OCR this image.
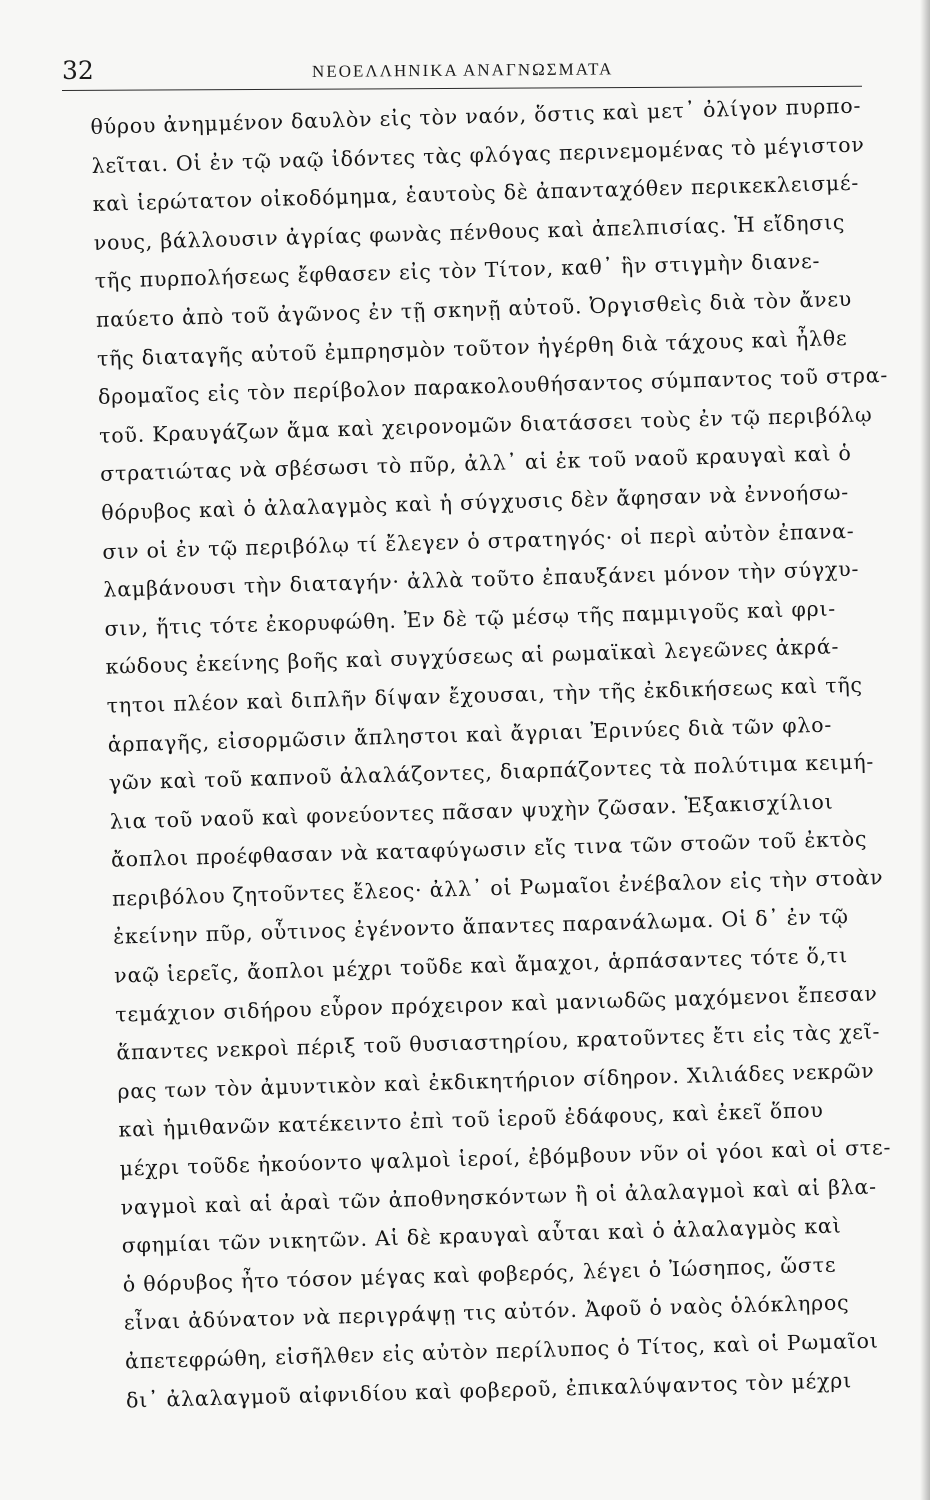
32	ΝΕΟΕΛΛΗΝΙΚΑ ΑΝΑΓΝΩΣΜΑΤΑ
θύρου ἀνημμένον δαυλὸν εἰς τὸν ναόν, ὅστις καὶ μετ᾿ ὀλίγον πυρπο-
λεῖται. Οἱ ἐν τῷ ναῷ ἰδόντες τὰς φλόγας περινεμομένας τὸ μέγιστον
καὶ ἱερώτατον οἰκοδόμημα, ἑαυτοὺς δὲ ἀπανταχόθεν περικεκλεισμέ-
νους, βάλλουσιν ἀγρίας φωνὰς πένθους καὶ ἀπελπισίας. Ἡ εἴδησις
τῆς πυρπολήσεως ἔφθασεν εἰς τὸν Τίτον, καθ᾿ ἣν στιγμὴν διανε-
παύετο ἀπὸ τοῦ ἀγῶνος ἐν τῇ σκηνῇ αὐτοῦ. Ὀργισθεὶς διὰ τὸν ἄνευ
τῆς διαταγῆς αὐτοῦ ἐμπρησμὸν τοῦτον ἠγέρθη διὰ τάχους καὶ ἦλθε
δρομαῖος εἰς τὸν περίβολον παρακολουθήσαντος σύμπαντος τοῦ στρα-
τοῦ. Κραυγάζων ἅμα καὶ χειρονομῶν διατάσσει τοὺς ἐν τῷ περιβόλῳ
στρατιώτας νὰ σβέσωσι τὸ πῦρ, ἀλλ᾿ αἱ ἐκ τοῦ ναοῦ κραυγαὶ καὶ ὁ
θόρυβος καὶ ὁ ἀλαλαγμὸς καὶ ἡ σύγχυσις δὲν ἄφησαν νὰ ἐννοήσω-
σιν οἱ ἐν τῷ περιβόλῳ τί ἔλεγεν ὁ στρατηγός· οἱ περὶ αὐτὸν ἐπανα-
λαμβάνουσι τὴν διαταγήν· ἀλλὰ τοῦτο ἐπαυξάνει μόνον τὴν σύγχυ-
σιν, ἥτις τότε ἐκορυφώθη. Ἐν δὲ τῷ μέσῳ τῆς παμμιγοῦς καὶ φρι-
κώδους ἐκείνης βοῆς καὶ συγχύσεως αἱ ρωμαϊκαὶ λεγεῶνες ἀκρά-
τητοι πλέον καὶ διπλῆν δίψαν ἔχουσαι, τὴν τῆς ἐκδικήσεως καὶ τῆς
ἁρπαγῆς, εἰσορμῶσιν ἄπληστοι καὶ ἄγριαι Ἐρινύες διὰ τῶν φλο-
γῶν καὶ τοῦ καπνοῦ ἀλαλάζοντες, διαρπάζοντες τὰ πολύτιμα κειμή-
λια τοῦ ναοῦ καὶ φονεύοντες πᾶσαν ψυχὴν ζῶσαν. Ἑξακισχίλιοι
ἄοπλοι προέφθασαν νὰ καταφύγωσιν εἴς τινα τῶν στοῶν τοῦ ἐκτὸς
περιβόλου ζητοῦντες ἔλεος· ἀλλ᾿ οἱ Ρωμαῖοι ἐνέβαλον εἰς τὴν στοὰν
ἐκείνην πῦρ, οὗτινος ἐγένοντο ἅπαντες παρανάλωμα. Οἱ δ᾿ ἐν τῷ
ναῷ ἱερεῖς, ἄοπλοι μέχρι τοῦδε καὶ ἄμαχοι, ἁρπάσαντες τότε ὅ,τι
τεμάχιον σιδήρου εὗρον πρόχειρον καὶ μανιωδῶς μαχόμενοι ἔπεσαν
ἅπαντες νεκροὶ πέριξ τοῦ θυσιαστηρίου, κρατοῦντες ἔτι εἰς τὰς χεῖ-
ρας των τὸν ἀμυντικὸν καὶ ἐκδικητήριον σίδηρον. Χιλιάδες νεκρῶν
καὶ ἡμιθανῶν κατέκειντο ἐπὶ τοῦ ἱεροῦ ἐδάφους, καὶ ἐκεῖ ὅπου
μέχρι τοῦδε ἠκούοντο ψαλμοὶ ἱεροί, ἐβόμβουν νῦν οἱ γόοι καὶ οἱ στε-
ναγμοὶ καὶ αἱ ἀραὶ τῶν ἀποθνησκόντων ἢ οἱ ἀλαλαγμοὶ καὶ αἱ βλα-
σφημίαι τῶν νικητῶν. Αἱ δὲ κραυγαὶ αὗται καὶ ὁ ἀλαλαγμὸς καὶ
ὁ θόρυβος ἦτο τόσον μέγας καὶ φοβερός, λέγει ὁ Ἰώσηπος, ὥστε
εἶναι ἀδύνατον νὰ περιγράψῃ τις αὐτόν. Ἀφοῦ ὁ ναὸς ὁλόκληρος
ἀπετεφρώθη, εἰσῆλθεν εἰς αὐτὸν περίλυπος ὁ Τίτος, καὶ οἱ Ρωμαῖοι
δι᾿ ἀλαλαγμοῦ αἰφνιδίου καὶ φοβεροῦ, ἐπικαλύψαντος τὸν μέχρι
